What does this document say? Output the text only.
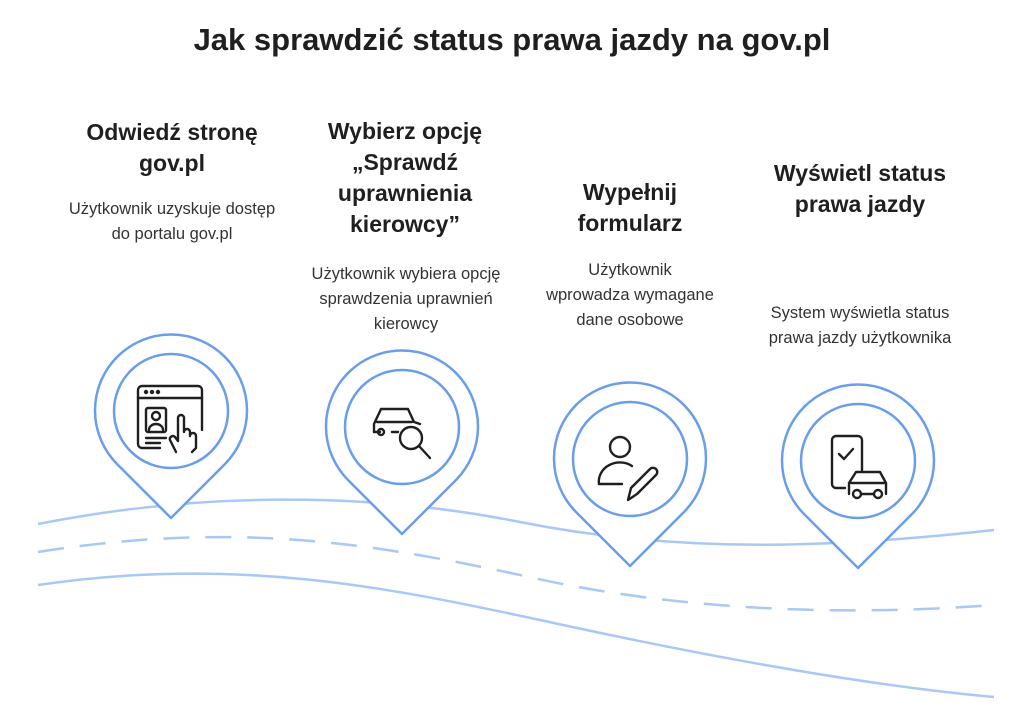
Jak sprawdzić status prawa jazdy na gov.pl
Odwiedź stronę gov.pl
Użytkownik uzyskuje dostęp do portalu gov.pl
Wybierz opcję „Sprawdź uprawnienia kierowcy”
Użytkownik wybiera opcję sprawdzenia uprawnień kierowcy
Wypełnij formularz
Użytkownik wprowadza wymagane dane osobowe
Wyświetl status prawa jazdy
System wyświetla status prawa jazdy użytkownika
